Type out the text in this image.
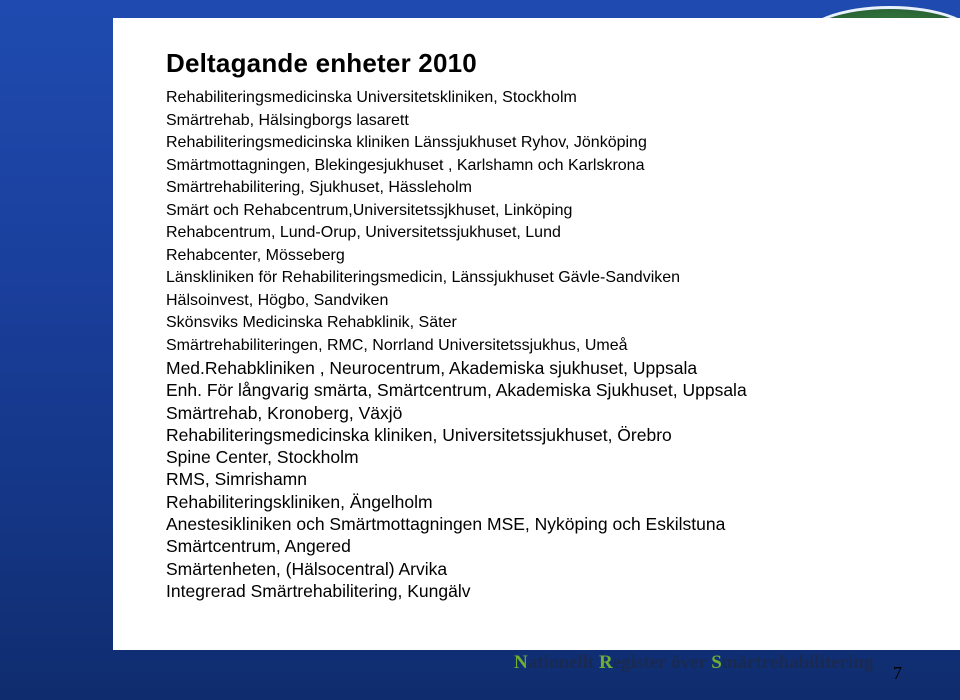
Deltagande enheter 2010
Rehabiliteringsmedicinska Universitetskliniken, Stockholm
Smärtrehab, Hälsingborgs lasarett
Rehabiliteringsmedicinska kliniken Länssjukhuset Ryhov, Jönköping
Smärtmottagningen, Blekingesjukhuset , Karlshamn och Karlskrona
Smärtrehabilitering, Sjukhuset, Hässleholm
Smärt och Rehabcentrum,Universitetssjkhuset, Linköping
Rehabcentrum, Lund-Orup, Universitetssjukhuset, Lund
Rehabcenter, Mösseberg
Länskliniken för Rehabiliteringsmedicin, Länssjukhuset Gävle-Sandviken
Hälsoinvest, Högbo, Sandviken
Skönsviks Medicinska Rehabklinik, Säter
Smärtrehabiliteringen, RMC, Norrland Universitetssjukhus, Umeå
Med.Rehabkliniken , Neurocentrum, Akademiska sjukhuset, Uppsala
Enh. För långvarig smärta, Smärtcentrum, Akademiska Sjukhuset, Uppsala
Smärtrehab, Kronoberg, Växjö
Rehabiliteringsmedicinska kliniken, Universitetssjukhuset, Örebro
Spine Center, Stockholm
RMS, Simrishamn
Rehabiliteringskliniken, Ängelholm
Anestesikliniken och Smärtmottagningen MSE, Nyköping och Eskilstuna
Smärtcentrum, Angered
Smärtenheten, (Hälsocentral) Arvika
Integrerad Smärtrehabilitering, Kungälv
Nationellt Register över Smärtrehabilitering 7
